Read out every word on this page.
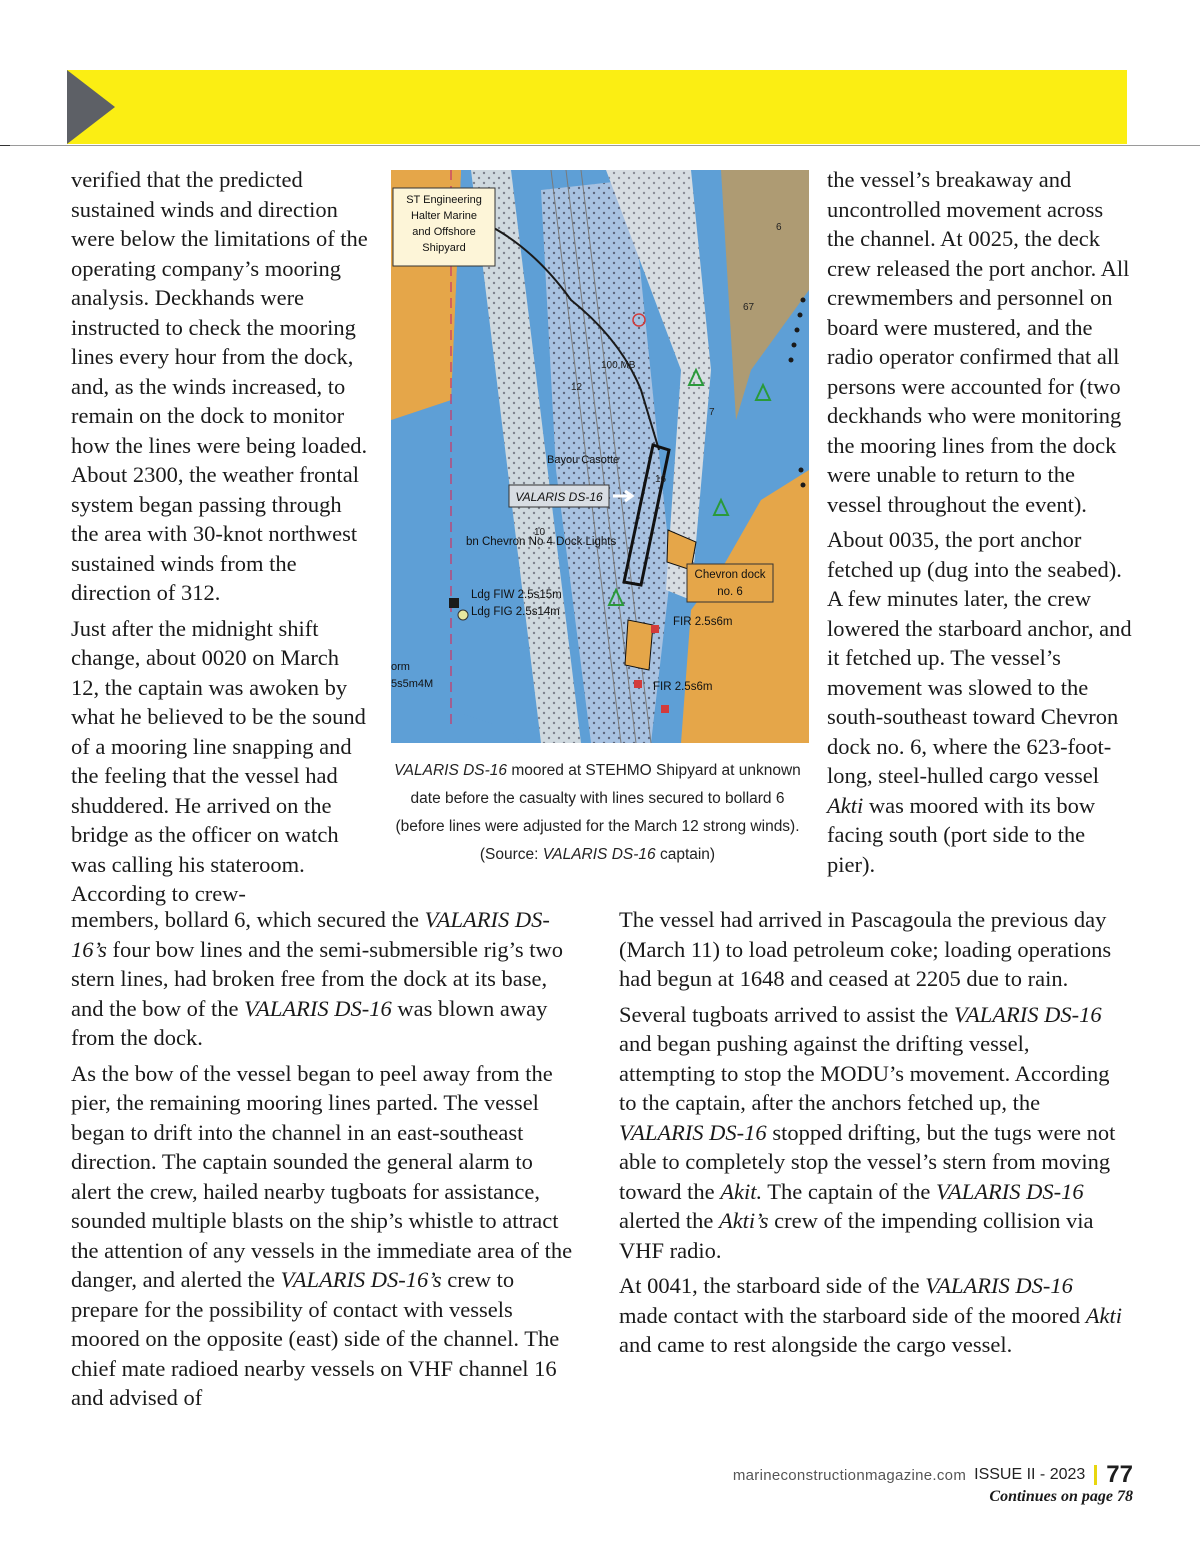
verified that the predicted sustained winds and direction were below the limitations of the operating company’s mooring analysis. Deckhands were instructed to check the mooring lines every hour from the dock, and, as the winds increased, to remain on the dock to monitor how the lines were being loaded. About 2300, the weather frontal system began passing through the area with 30-knot northwest sustained winds from the direction of 312.

Just after the midnight shift change, about 0020 on March 12, the captain was awoken by what he believed to be the sound of a mooring line snapping and the feeling that the vessel had shuddered. He arrived on the bridge as the officer on watch was calling his stateroom. According to crew-

ST Engineering
Halter Marine
and Offshore
Shipyard
VALARIS DS-16
Bayou Casotte
bn Chevron No 4 Dock Lights
Chevron dock
no. 6
Ldg FIW 2.5s15m
Ldg FIG 2.5s14m
FIR 2.5s6m
FIR 2.5s6m
orm
5s5m4M
6
67
7
12
10
16
100 MB
VALARIS DS-16 moored at STEHMO Shipyard at unknown date before the casualty with lines secured to bollard 6 (before lines were adjusted for the March 12 strong winds). (Source: VALARIS DS-16 captain)

the vessel’s breakaway and uncontrolled movement across the channel. At 0025, the deck crew released the port anchor. All crewmembers and personnel on board were mustered, and the radio operator confirmed that all persons were accounted for (two deckhands who were monitoring the mooring lines from the dock were unable to return to the vessel throughout the event).

About 0035, the port anchor fetched up (dug into the seabed). A few minutes later, the crew lowered the starboard anchor, and it fetched up. The vessel’s movement was slowed to the south-southeast toward Chevron dock no. 6, where the 623-foot-long, steel-hulled cargo vessel Akti was moored with its bow facing south (port side to the pier).

members, bollard 6, which secured the VALARIS DS-16’s four bow lines and the semi-submersible rig’s two stern lines, had broken free from the dock at its base, and the bow of the VALARIS DS-16 was blown away from the dock.

As the bow of the vessel began to peel away from the pier, the remaining mooring lines parted. The vessel began to drift into the channel in an east-southeast direction. The captain sounded the general alarm to alert the crew, hailed nearby tugboats for assistance, sounded multiple blasts on the ship’s whistle to attract the attention of any vessels in the immediate area of the danger, and alerted the VALARIS DS-16’s crew to prepare for the possibility of contact with vessels moored on the opposite (east) side of the channel. The chief mate radioed nearby vessels on VHF channel 16 and advised of

The vessel had arrived in Pascagoula the previous day (March 11) to load petroleum coke; loading operations had begun at 1648 and ceased at 2205 due to rain.

Several tugboats arrived to assist the VALARIS DS-16 and began pushing against the drifting vessel, attempting to stop the MODU’s movement. According to the captain, after the anchors fetched up, the VALARIS DS-16 stopped drifting, but the tugs were not able to completely stop the vessel’s stern from moving toward the Akit. The captain of the VALARIS DS-16 alerted the Akti’s crew of the impending collision via VHF radio.

At 0041, the starboard side of the VALARIS DS-16 made contact with the starboard side of the moored Akti and came to rest alongside the cargo vessel.

Continues on page 78
marineconstructionmagazine.com ISSUE II - 2023 77
